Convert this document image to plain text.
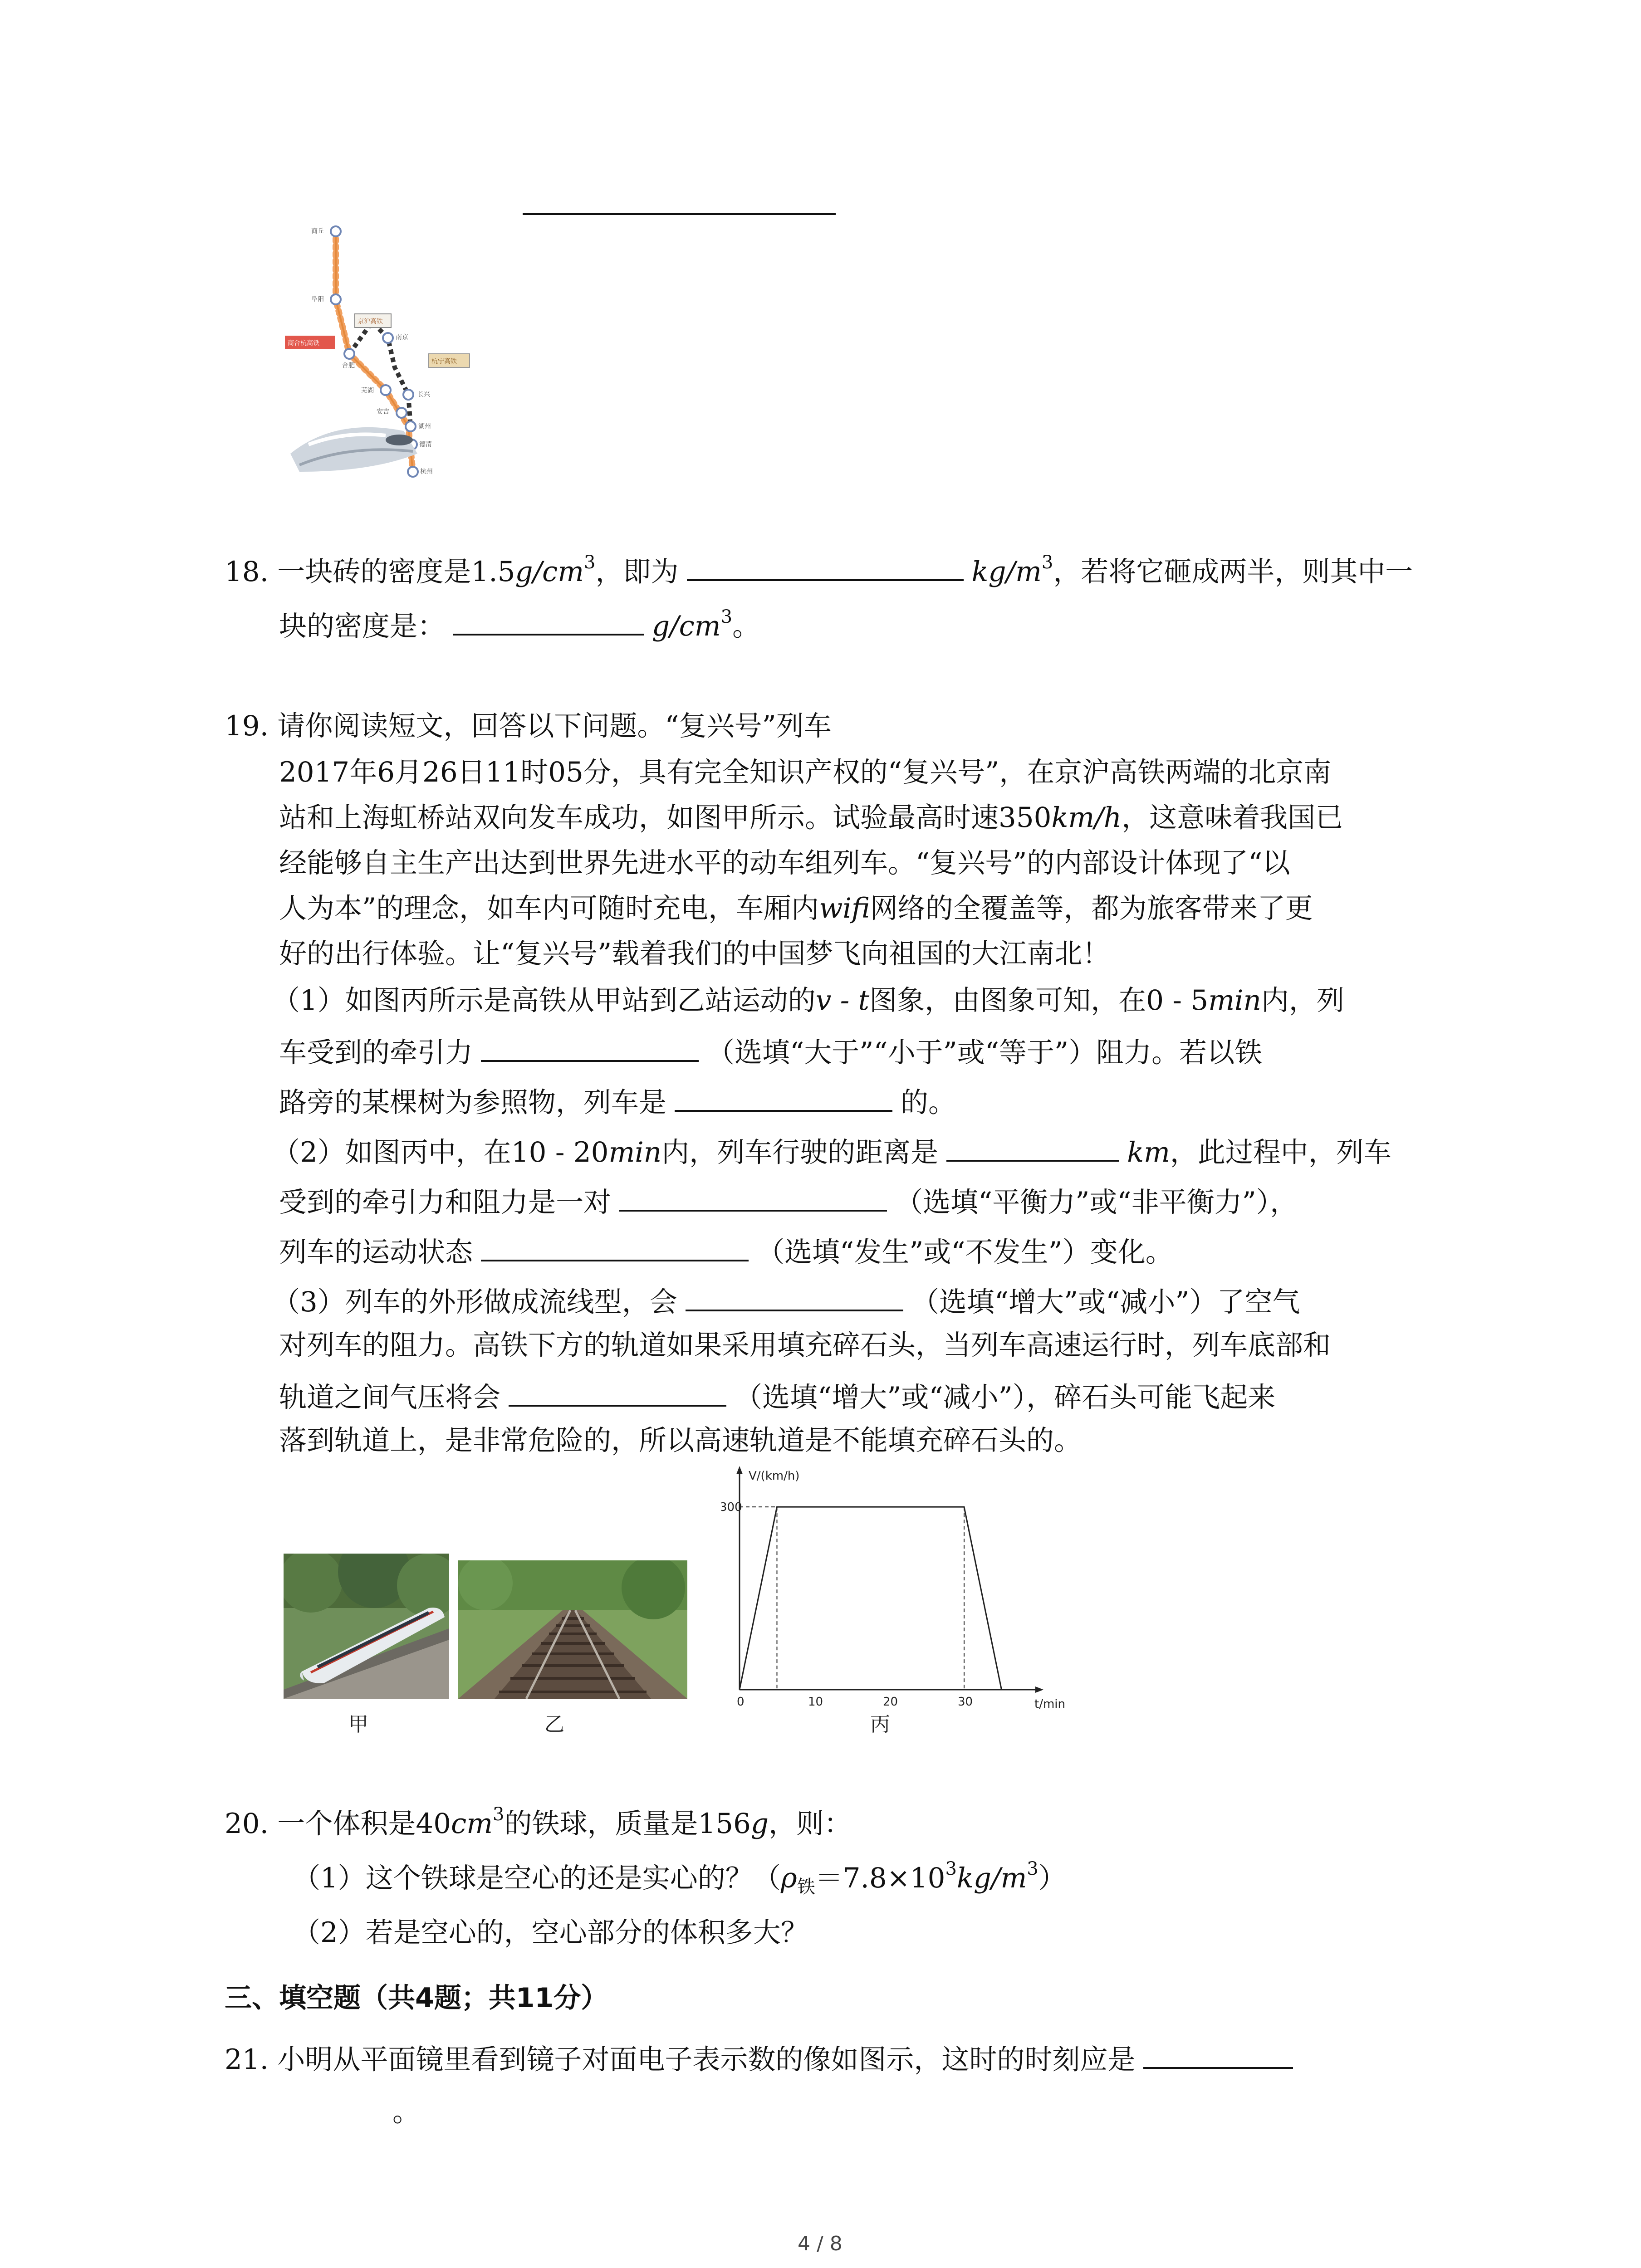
商丘
阜阳
合肥
南京
芜湖
长兴
安吉
湖州
德清
杭州
商合杭高铁
京沪高铁
杭宁高铁
18. 一块砖的密度是$1.5g/cm^3$，即为	$kg/m^3$，若将它砸成两半，则其中一
块的密度是：	$g/cm^3$。
19. 请你阅读短文，回答以下问题。“复兴号”列车
2017年6月26日11时05分，具有完全知识产权的“复兴号”，在京沪高铁两端的北京南
站和上海虹桥站双向发车成功，如图甲所示。试验最高时速350km/h，这意味着我国已
经能够自主生产出达到世界先进水平的动车组列车。“复兴号”的内部设计体现了“以
人为本”的理念，如车内可随时充电，车厢内wifi网络的全覆盖等，都为旅客带来了更
好的出行体验。让“复兴号”载着我们的中国梦飞向祖国的大江南北！
（1）如图丙所示是高铁从甲站到乙站运动的v - t图象，由图象可知，在0 - 5min内，列
车受到的牵引力	（选填“大于”“小于”或“等于”）阻力。若以铁
路旁的某棵树为参照物，列车是	的。
（2）如图丙中，在10 - 20min内，列车行驶的距离是	km，此过程中，列车
受到的牵引力和阻力是一对	（选填“平衡力”或“非平衡力”），
列车的运动状态	（选填“发生”或“不发生”）变化。
（3）列车的外形做成流线型，会	（选填“增大”或“减小”）了空气
对列车的阻力。高铁下方的轨道如果采用填充碎石头，当列车高速运行时，列车底部和
轨道之间气压将会	（选填“增大”或“减小”），碎石头可能飞起来
落到轨道上，是非常危险的，所以高速轨道是不能填充碎石头的。
V/(km/h)
t/min
0	10	20	30
300
甲	乙	丙
20. 一个体积是$40cm^3$的铁球，质量是156g，则：
（1）这个铁球是空心的还是实心的？$(\rho_铁=7.8\times 10^3kg/m^3)$
（2）若是空心的，空心部分的体积多大？
三、填空题（共4题；共11分）
21. 小明从平面镜里看到镜子对面电子表示数的像如图示，这时的时刻应是
。
4 / 8
